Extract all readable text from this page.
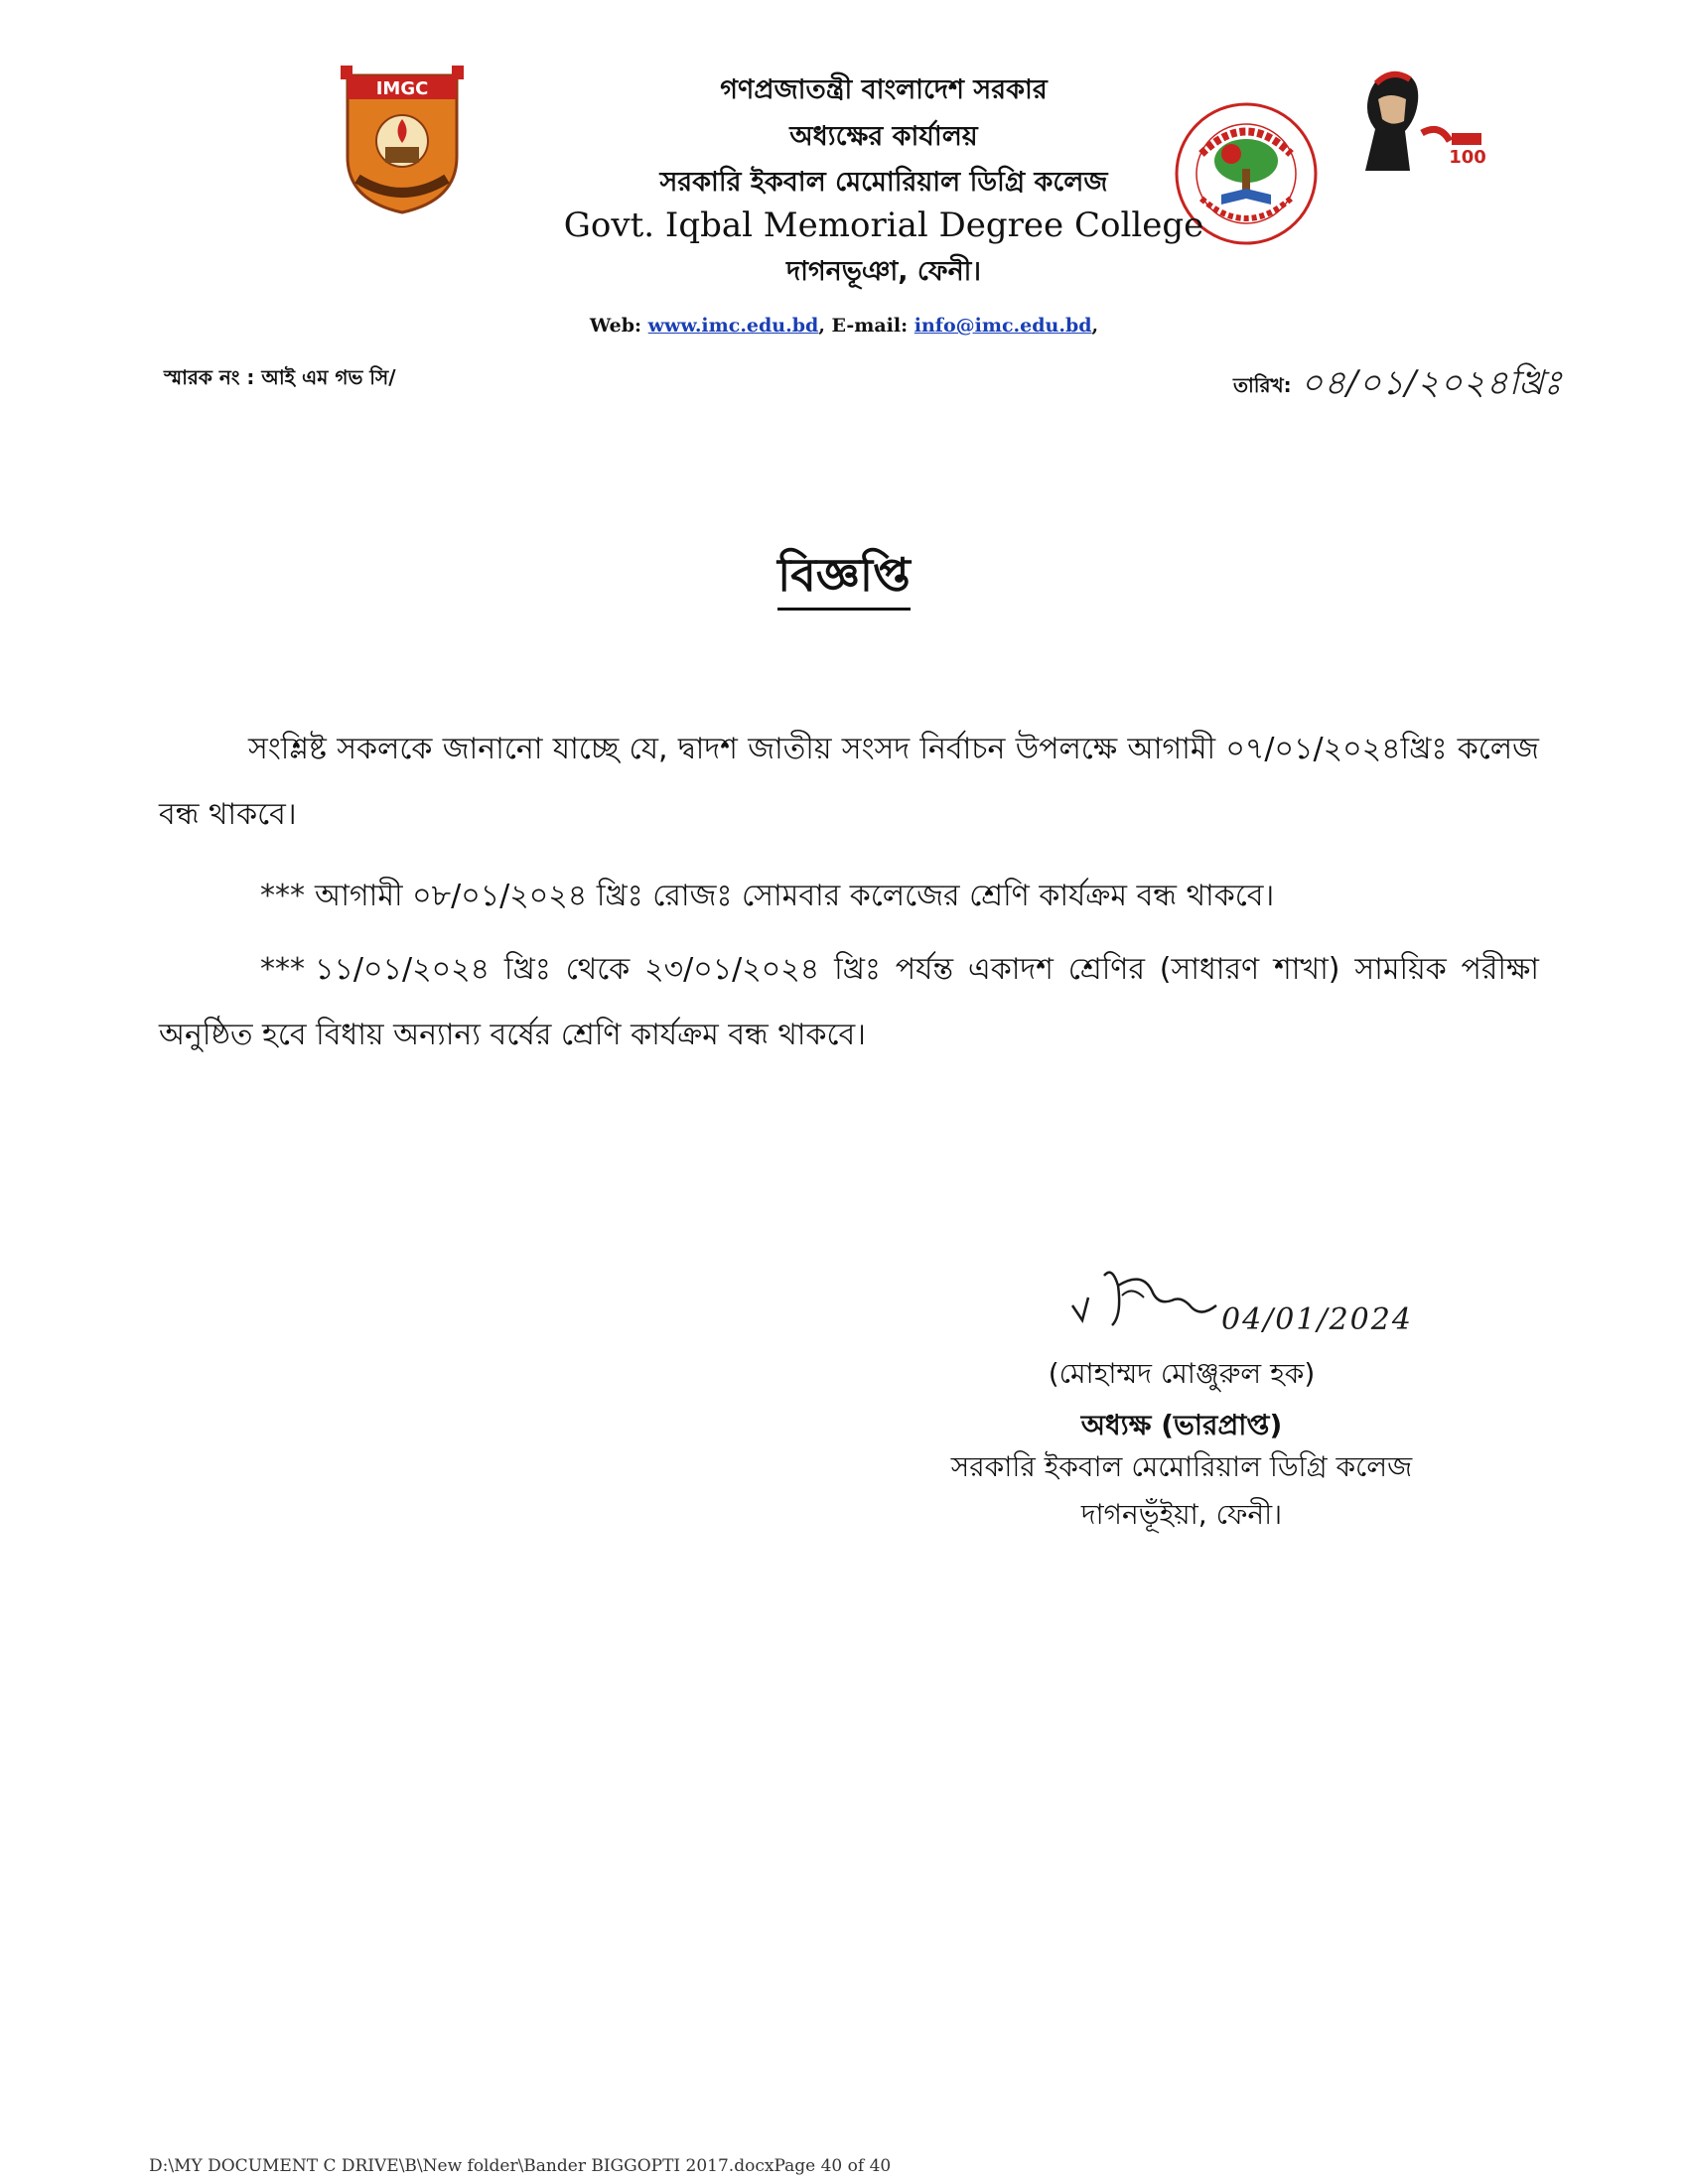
IMGC
100
গণপ্রজাতন্ত্রী বাংলাদেশ সরকার
অধ্যক্ষের কার্যালয়
সরকারি ইকবাল মেমোরিয়াল ডিগ্রি কলেজ
Govt. Iqbal Memorial Degree College
দাগনভূঞা, ফেনী।
Web: www.imc.edu.bd, E-mail: info@imc.edu.bd,
স্মারক নং : আই এম গভ সি/	তারিখ: ০৪/০১/২০২৪খ্রিঃ
বিজ্ঞপ্তি
সংশ্লিষ্ট সকলকে জানানো যাচ্ছে যে, দ্বাদশ জাতীয় সংসদ নির্বাচন উপলক্ষে আগামী ০৭/০১/২০২৪খ্রিঃ কলেজ বন্ধ থাকবে।
*** আগামী ০৮/০১/২০২৪ খ্রিঃ রোজঃ সোমবার কলেজের শ্রেণি কার্যক্রম বন্ধ থাকবে।
*** ১১/০১/২০২৪ খ্রিঃ থেকে ২৩/০১/২০২৪ খ্রিঃ পর্যন্ত একাদশ শ্রেণির (সাধারণ শাখা) সাময়িক পরীক্ষা অনুষ্ঠিত হবে বিধায় অন্যান্য বর্ষের শ্রেণি কার্যক্রম বন্ধ থাকবে।
04/01/2024
(মোহাম্মদ মোঞ্জুরুল হক)
অধ্যক্ষ (ভারপ্রাপ্ত)
সরকারি ইকবাল মেমোরিয়াল ডিগ্রি কলেজ
দাগনভূঁইয়া, ফেনী।
D:\MY DOCUMENT C DRIVE\B\New folder\Bander BIGGOPTI 2017.docxPage 40 of 40
